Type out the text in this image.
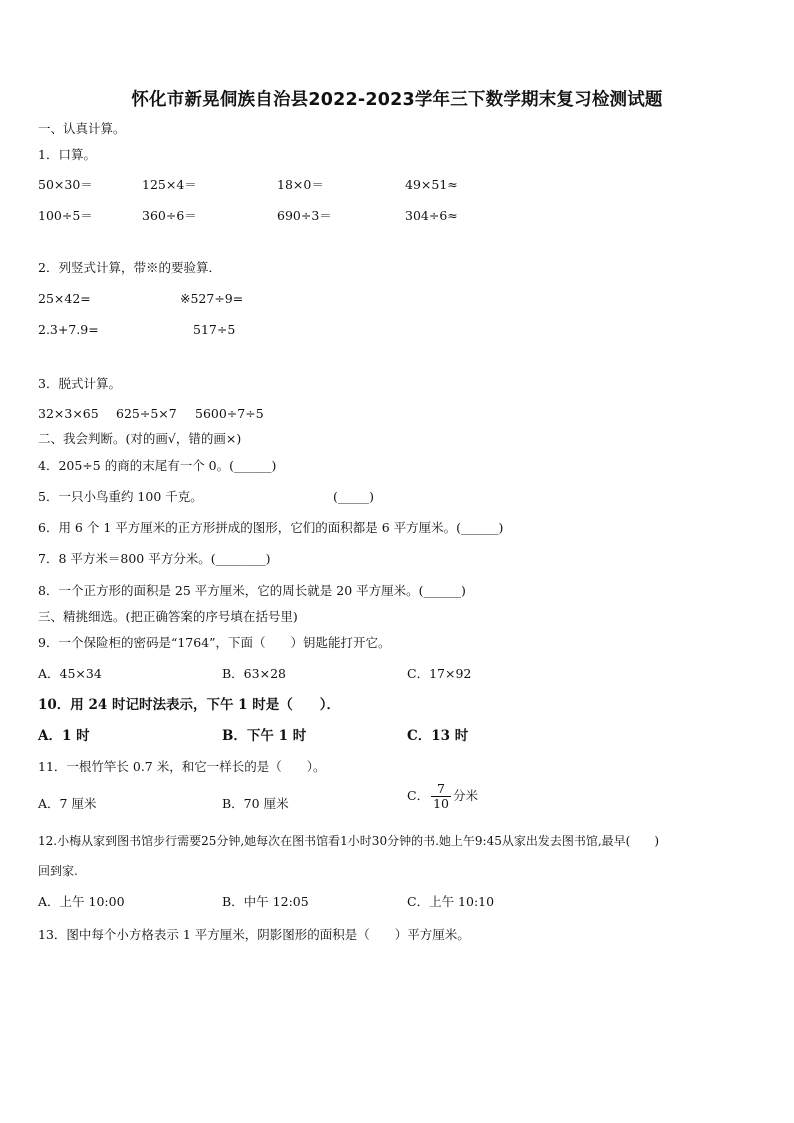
怀化市新晃侗族自治县2022-2023学年三下数学期末复习检测试题
一、认真计算。
1．口算。
50×30＝	125×4＝	18×0＝	49×51≈
100÷5＝	360÷6＝	690÷3＝	304÷6≈
2．列竖式计算，带※的要验算．
25×42=	※527÷9=
2.3+7.9=	517÷5
3．脱式计算。
32×3×65 625÷5×7 5600÷7÷5
二、我会判断。(对的画√，错的画×)
4．205÷5 的商的末尾有一个 0。(______)
5．一只小鸟重约 100 千克。	(_____)
6．用 6 个 1 平方厘米的正方形拼成的图形，它们的面积都是 6 平方厘米。(______)
7．8 平方米＝800 平方分米。(________)
8．一个正方形的面积是 25 平方厘米，它的周长就是 20 平方厘米。(______)
三、精挑细选。(把正确答案的序号填在括号里)
9．一个保险柜的密码是“1764”，下面（　　）钥匙能打开它。
A．45×34	B．63×28	C．17×92
10．用 24 时记时法表示，下午 1 时是（　　）．
A．1 时	B．下午 1 时	C．13 时
11．一根竹竿长 0.7 米，和它一样长的是（　　）。
A．7 厘米	B．70 厘米
C． $\frac{7}{10}$ 分米
12.小梅从家到图书馆步行需要25分钟,她每次在图书馆看1小时30分钟的书.她上午9:45从家出发去图书馆,最早(　　)
回到家.
A．上午 10:00	B．中午 12:05	C．上午 10:10
13．图中每个小方格表示 1 平方厘米，阴影图形的面积是（　　）平方厘米。
